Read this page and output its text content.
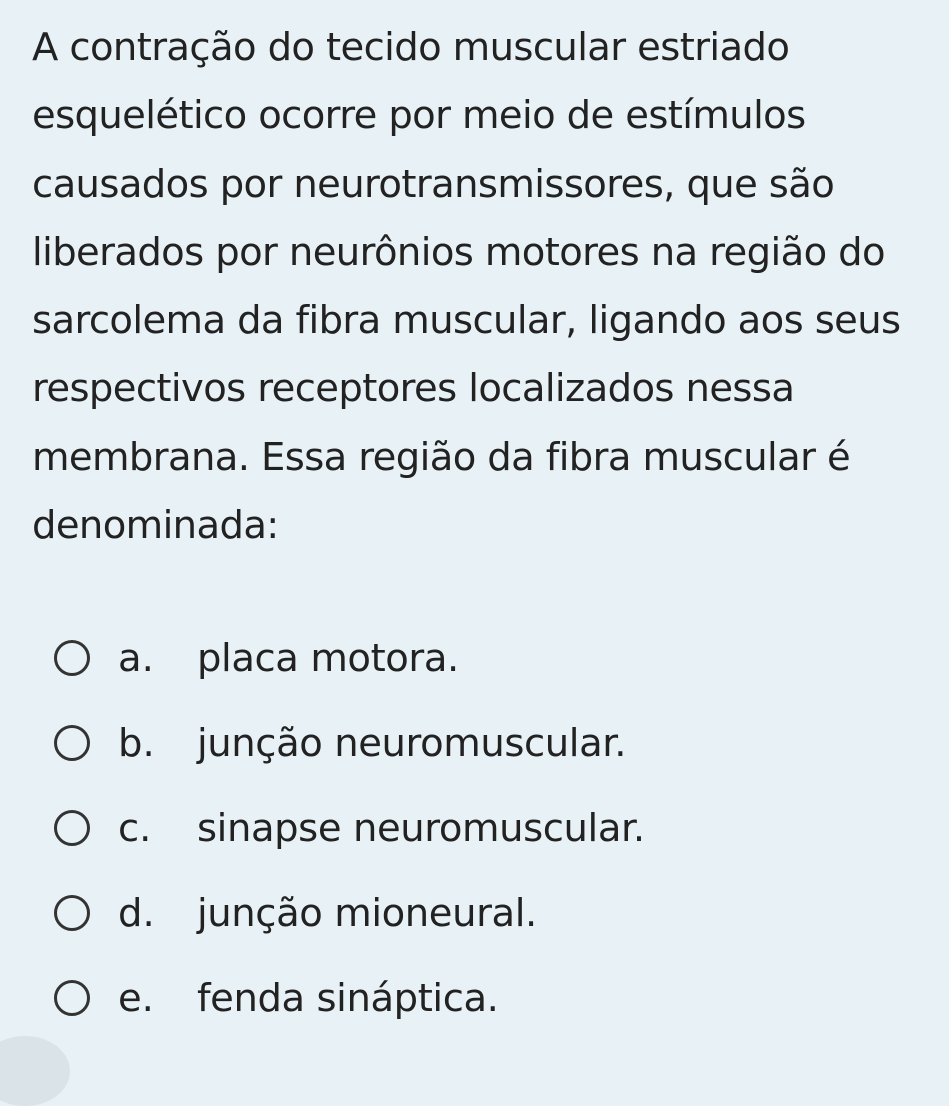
A contração do tecido muscular estriado esquelético ocorre por meio de estímulos causados por neurotransmissores, que são liberados por neurônios motores na região do sarcolema da fibra muscular, ligando aos seus respectivos receptores localizados nessa membrana. Essa região da fibra muscular é denominada:

a. placa motora.
b. junção neuromuscular.
c. sinapse neuromuscular.
d. junção mioneural.
e. fenda sináptica.
